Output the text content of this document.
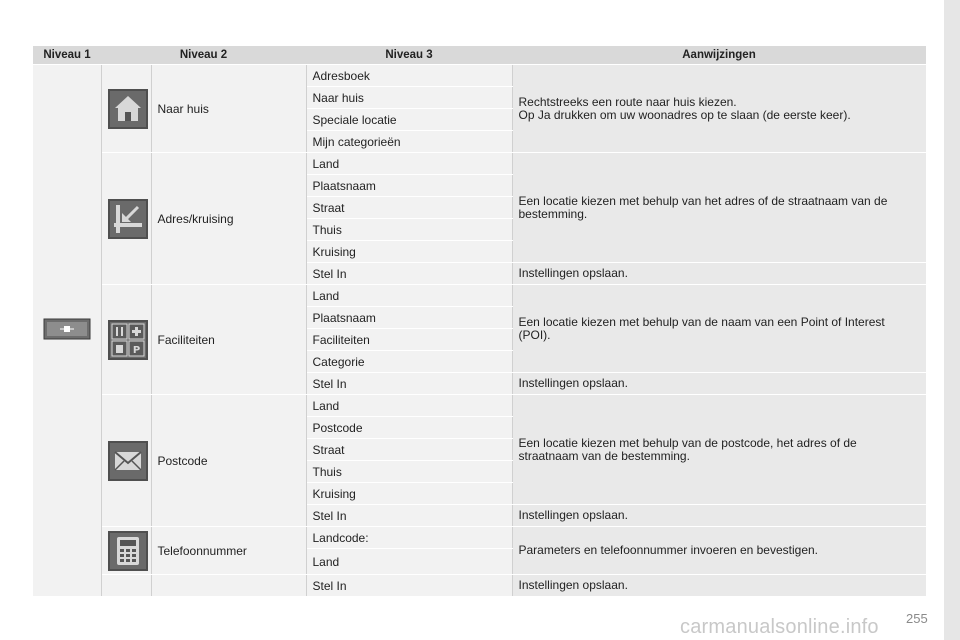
Niveau 1	Niveau 2		Niveau 3	Aanwijzingen
		Naar huis	Adresboek	Rechtstreeks een route naar huis kiezen.

Op Ja drukken om uw woonadres op te slaan (de eerste keer).

			Naar huis	
			Speciale locatie	
			Mijn categorieën	
	Adres/kruising	Land	Een locatie kiezen met behulp van het adres of de straatnaam van de bestemming.
			Plaatsnaam	
			Straat	
			Thuis	
			Kruising	
			Stel In	Instellingen opslaan.

P	Faciliteiten	Land	Een locatie kiezen met behulp van de naam van een Point of Interest (POI).
			Plaatsnaam	
			Faciliteiten	
			Categorie	
			Stel In	Instellingen opslaan.
	Postcode	Land	Een locatie kiezen met behulp van de postcode, het adres of de straatnaam van de bestemming.
			Postcode	
			Straat	
			Thuis	
			Kruising	
			Stel In	Instellingen opslaan.
	Telefoonnummer	Landcode:	Parameters en telefoonnummer invoeren en bevestigen.
			Land	
			Stel In	Instellingen opslaan.
carmanualsonline.info 255
